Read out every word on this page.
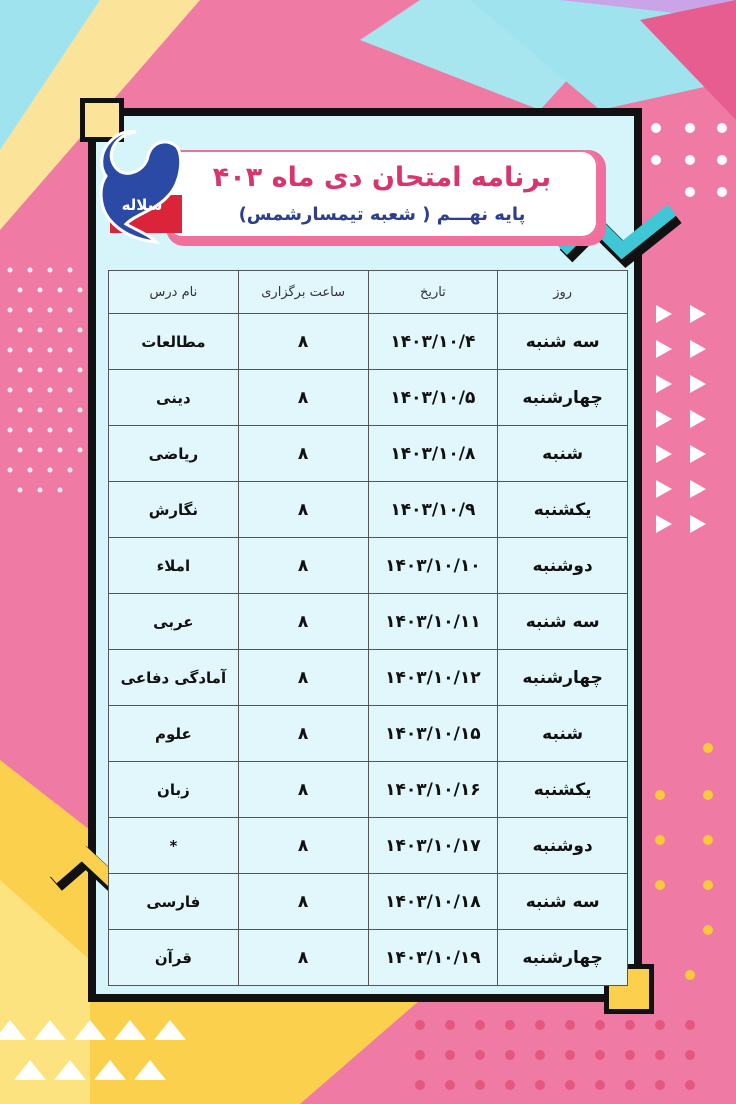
برنامه امتحان دی ماه ۴۰۳
پایه نهـــم ( شعبه تیمسارشمس)
سلاله
روز	تاریخ	ساعت برگزاری	نام درس
سه شنبه	۱۴۰۳/۱۰/۴	۸	مطالعات
چهارشنبه	۱۴۰۳/۱۰/۵	۸	دینی
شنبه	۱۴۰۳/۱۰/۸	۸	ریاضی
یکشنبه	۱۴۰۳/۱۰/۹	۸	نگارش
دوشنبه	۱۴۰۳/۱۰/۱۰	۸	املاء
سه شنبه	۱۴۰۳/۱۰/۱۱	۸	عربی
چهارشنبه	۱۴۰۳/۱۰/۱۲	۸	آمادگی دفاعی
شنبه	۱۴۰۳/۱۰/۱۵	۸	علوم
یکشنبه	۱۴۰۳/۱۰/۱۶	۸	زبان
دوشنبه	۱۴۰۳/۱۰/۱۷	۸	*
سه شنبه	۱۴۰۳/۱۰/۱۸	۸	فارسی
چهارشنبه	۱۴۰۳/۱۰/۱۹	۸	قرآن
